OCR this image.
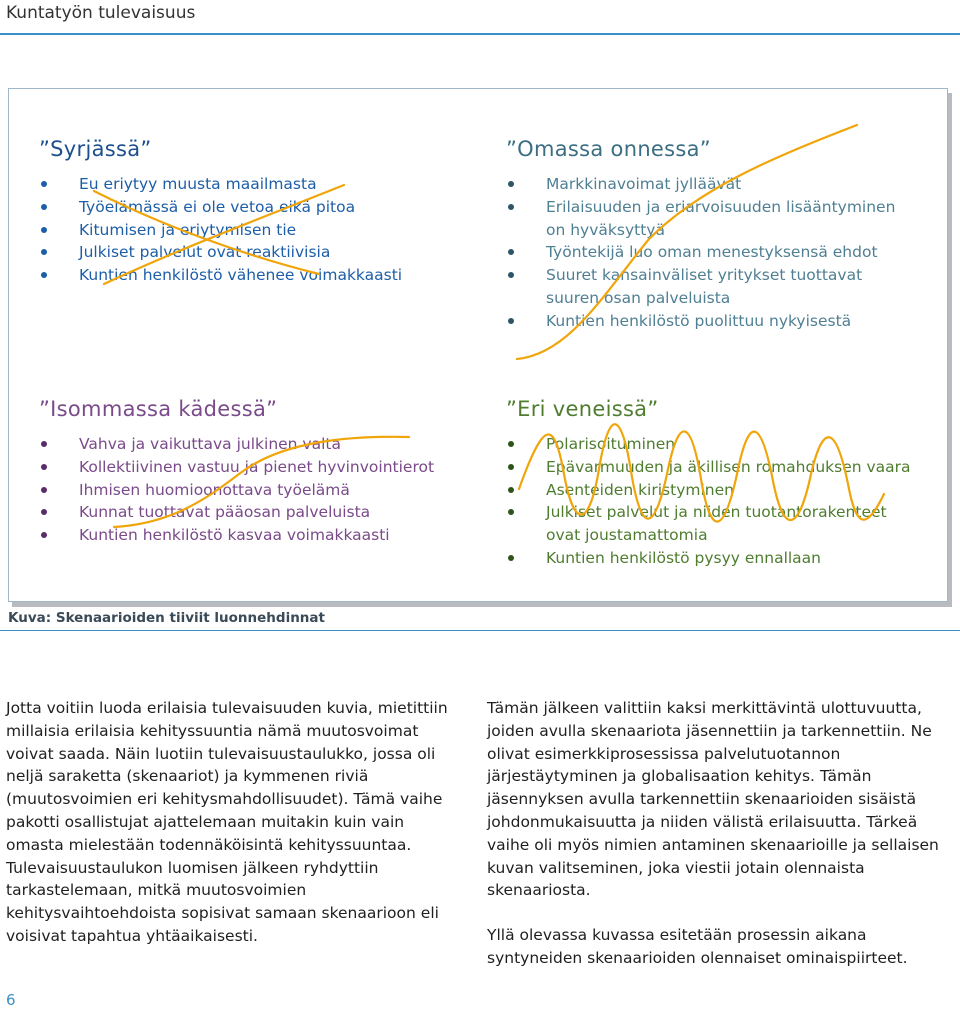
Kuntatyön tulevaisuus
”Syrjässä”
Eu eriytyy muusta maailmasta
Työelämässä ei ole vetoa eikä pitoa
Kitumisen ja eriytymisen tie
Julkiset palvelut ovat reaktiivisia
Kuntien henkilöstö vähenee voimakkaasti
”Omassa onnessa”
Markkinavoimat jylläävät
Erilaisuuden ja eriarvoisuuden lisääntyminen on hyväksyttyä
Työntekijä luo oman menestyksensä ehdot
Suuret kansainväliset yritykset tuottavat suuren osan palveluista
Kuntien henkilöstö puolittuu nykyisestä
”Isommassa kädessä”
Vahva ja vaikuttava julkinen valta
Kollektiivinen vastuu ja pienet hyvinvointierot
Ihmisen huomioonottava työelämä
Kunnat tuottavat pääosan palveluista
Kuntien henkilöstö kasvaa voimakkaasti
”Eri veneissä”
Polarisoituminen
Epävarmuuden ja äkillisen romahduksen vaara
Asenteiden kiristyminen
Julkiset palvelut ja niiden tuotantorakenteet ovat joustamattomia
Kuntien henkilöstö pysyy ennallaan
Kuva: Skenaarioiden tiiviit luonnehdinnat

Jotta voitiin luoda erilaisia tulevaisuuden kuvia, mietittiin millaisia erilaisia kehityssuuntia nämä muutosvoimat voivat saada. Näin luotiin tulevaisuustaulukko, jossa oli neljä saraketta (skenaariot) ja kymmenen riviä (muutosvoimien eri kehitysmahdollisuudet). Tämä vaihe pakotti osallistujat ajattelemaan muitakin kuin vain omasta mielestään todennäköisintä kehityssuuntaa. Tulevaisuustaulukon luomisen jälkeen ryhdyttiin tarkastelemaan, mitkä muutosvoimien kehitysvaihtoehdoista sopisivat samaan skenaarioon eli voisivat tapahtua yhtäaikaisesti.

Tämän jälkeen valittiin kaksi merkittävintä ulottuvuutta, joiden avulla skenaariota jäsennettiin ja tarkennettiin. Ne olivat esimerkkiprosessissa palvelutuotannon järjestäytyminen ja globalisaation kehitys. Tämän jäsennyksen avulla tarkennettiin skenaarioiden sisäistä johdonmukaisuutta ja niiden välistä erilaisuutta. Tärkeä vaihe oli myös nimien antaminen skenaarioille ja sellaisen kuvan valitseminen, joka viestii jotain olennaista skenaariosta.

Yllä olevassa kuvassa esitetään prosessin aikana syntyneiden skenaarioiden olennaiset ominaispiirteet.

6
